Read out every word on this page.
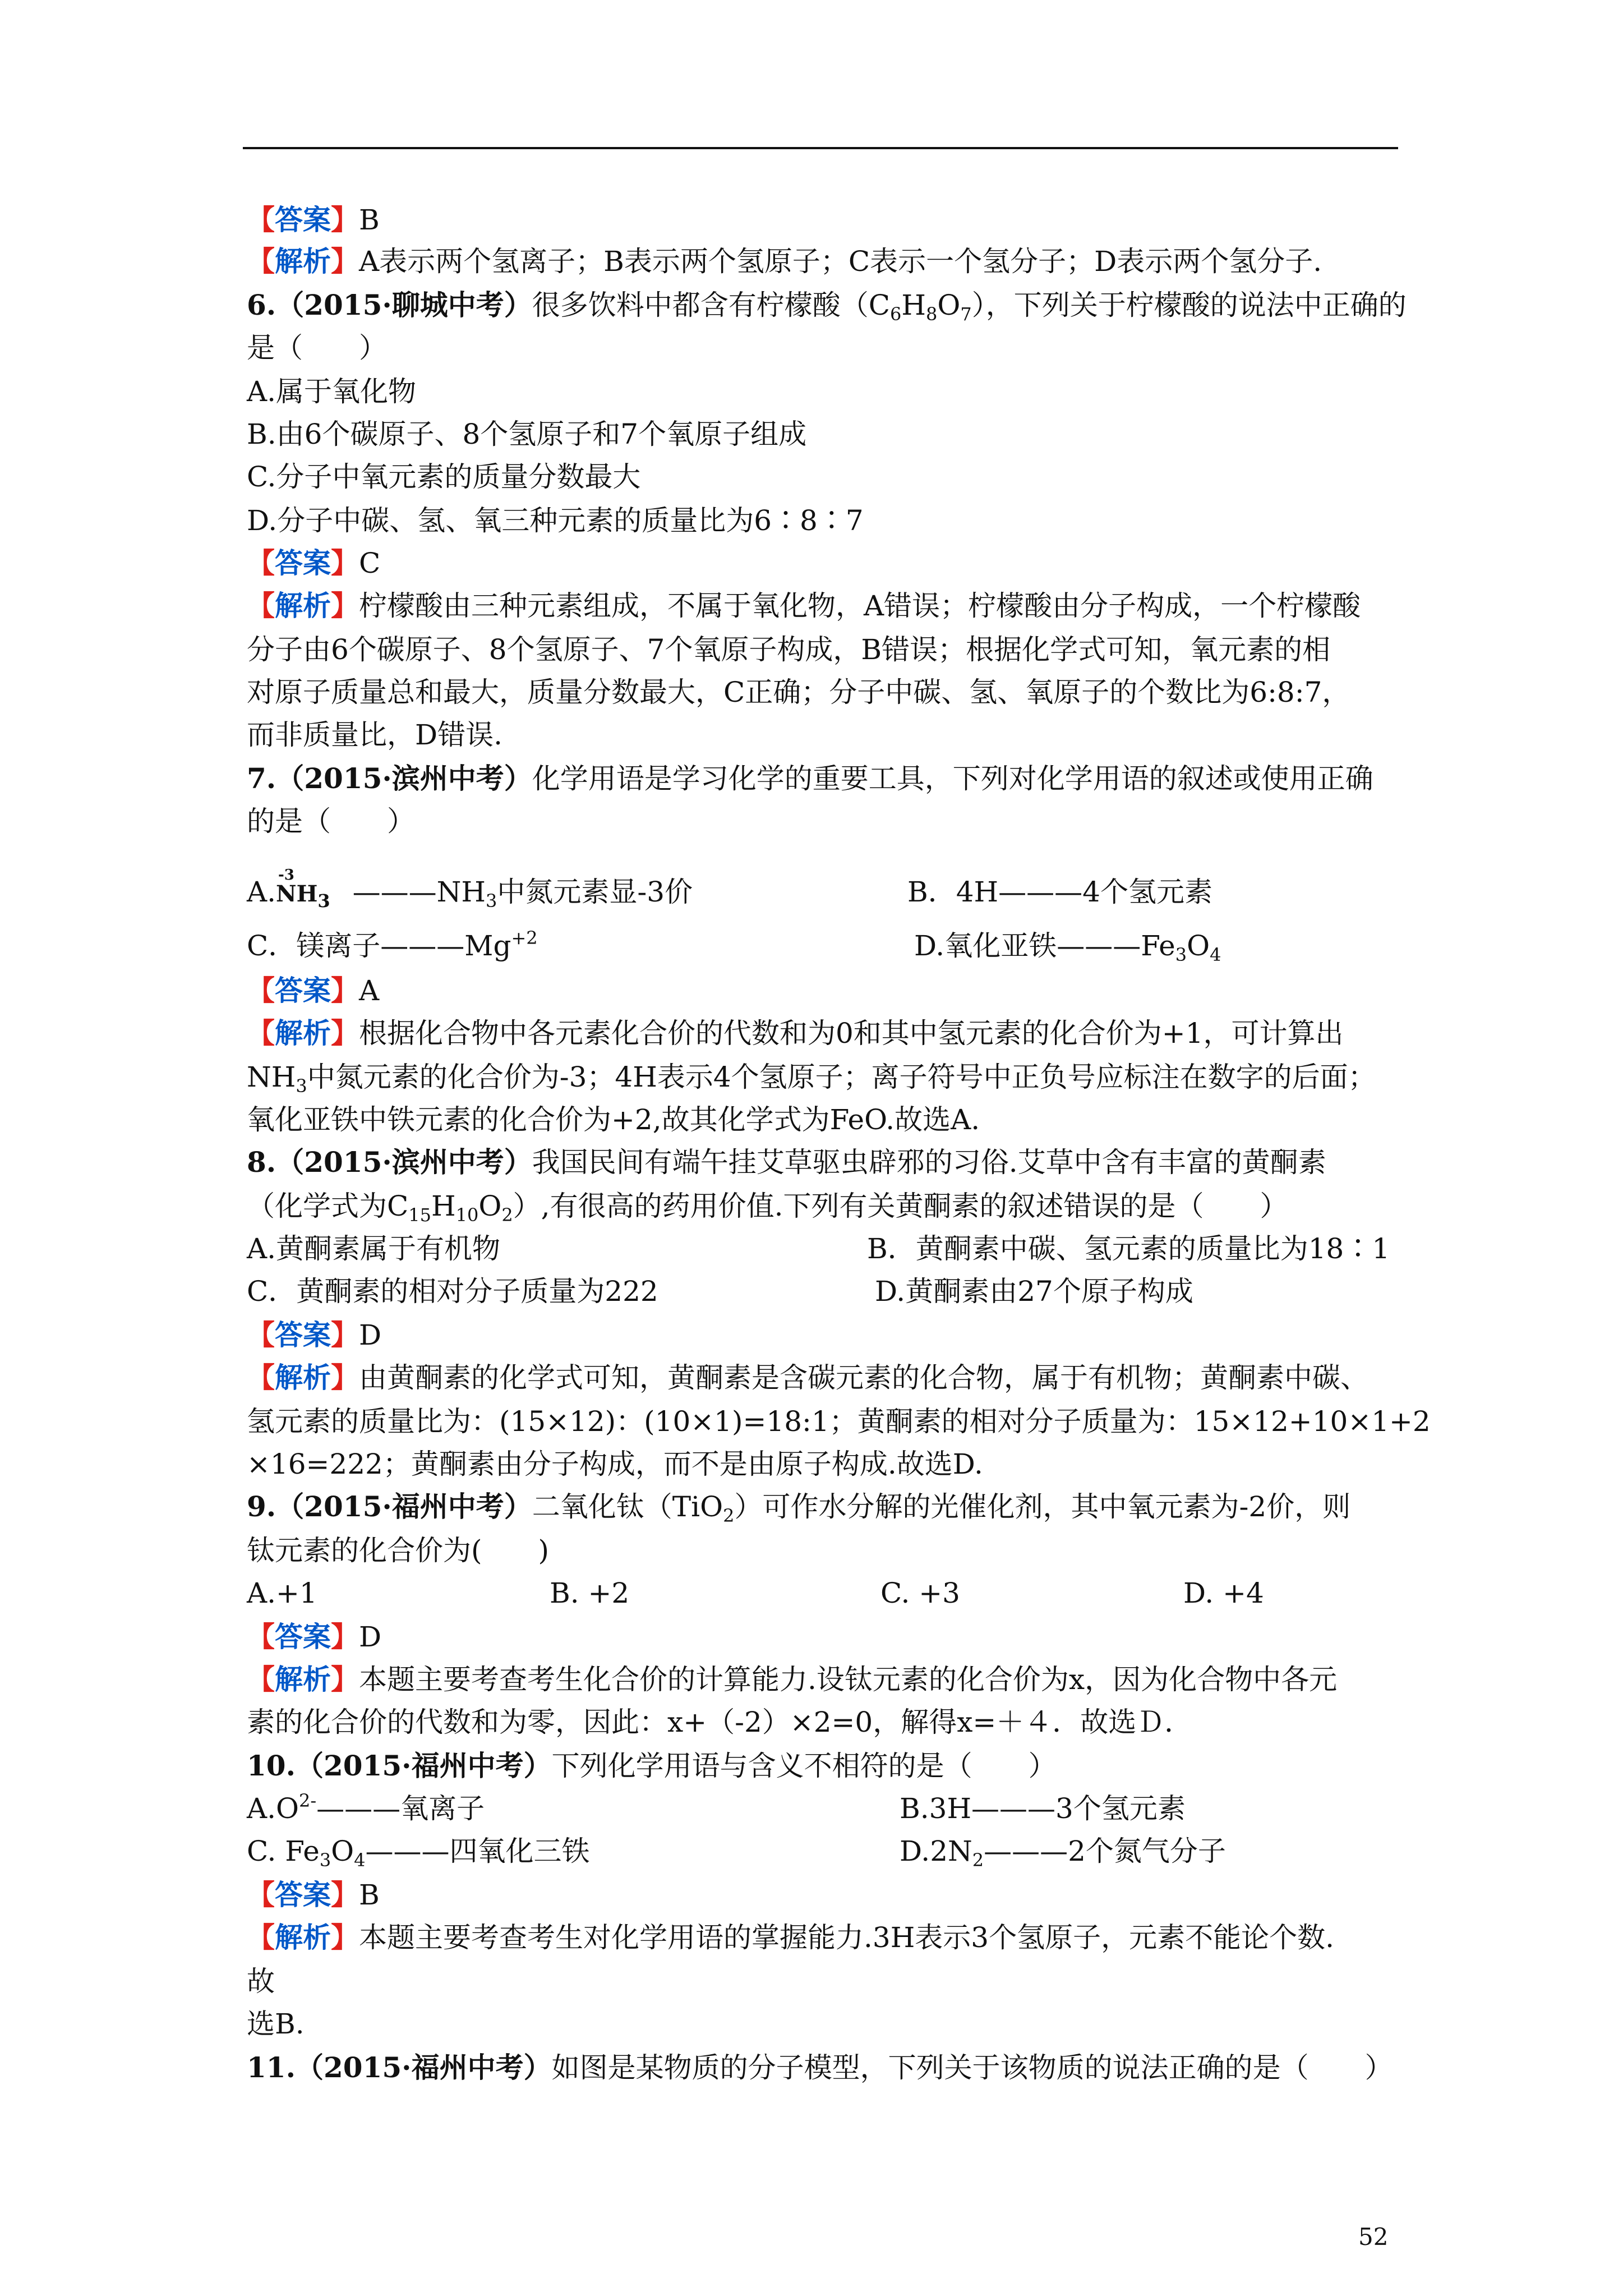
【答案】B
【解析】A表示两个氢离子；B表示两个氢原子；C表示一个氢分子；D表示两个氢分子.
6.（2015·聊城中考）很多饮料中都含有柠檬酸$(C_6H_8O_7)$，下列关于柠檬酸的说法中正确的
是（　　）
A.属于氧化物
B.由6个碳原子、8个氢原子和7个氧原子组成
C.分子中氧元素的质量分数最大
D.分子中碳、氢、氧三种元素的质量比为6∶8∶7
【答案】C
【解析】柠檬酸由三种元素组成，不属于氧化物，A错误；柠檬酸由分子构成，一个柠檬酸
分子由6个碳原子、8个氢原子、7个氧原子构成，B错误；根据化学式可知，氧元素的相
对原子质量总和最大，质量分数最大，C正确；分子中碳、氢、氧原子的个数比为6:8:7，
而非质量比，D错误.
7.（2015·滨州中考）化学用语是学习化学的重要工具，下列对化学用语的叙述或使用正确
的是（　　）
A.
-3
$NH_3$ $———NH_3$中氮元素显-3价	B．4H———4个氢元素
C．镁离子$———Mg^{+2}$	D.氧化亚铁$———Fe_3O_4$
【答案】A
【解析】根据化合物中各元素化合价的代数和为0和其中氢元素的化合价为+1，可计算出
$NH_3$中氮元素的化合价为-3；4H表示4个氢原子；离子符号中正负号应标注在数字的后面；
氧化亚铁中铁元素的化合价为+2,故其化学式为FeO.故选A.
8.（2015·滨州中考）我国民间有端午挂艾草驱虫辟邪的习俗.艾草中含有丰富的黄酮素
（化学式为$C_{15}H_{10}O_2$）,有很高的药用价值.下列有关黄酮素的叙述错误的是（　　）
A.黄酮素属于有机物	B．黄酮素中碳、氢元素的质量比为18∶1
C．黄酮素的相对分子质量为222	D.黄酮素由27个原子构成
【答案】D
【解析】由黄酮素的化学式可知，黄酮素是含碳元素的化合物，属于有机物；黄酮素中碳、
氢元素的质量比为：(15×12)：(10×1)=18:1；黄酮素的相对分子质量为：15×12+10×1+2
×16=222；黄酮素由分子构成，而不是由原子构成.故选D.
9.（2015·福州中考）二氧化钛（TiO$_2$）可作水分解的光催化剂，其中氧元素为-2价，则
钛元素的化合价为(　　)
A.+1	B. +2	C. +3	D. +4
【答案】D
【解析】本题主要考查考生化合价的计算能力.设钛元素的化合价为x，因为化合物中各元
素的化合价的代数和为零，因此：x+（-2）×2=0，解得x=＋４．故选Ｄ．
10.（2015·福州中考）下列化学用语与含义不相符的是（　　）
$A.O^{2-}———$氧离子	B.3H———3个氢元素
C. $Fe_3O_4———$四氧化三铁	$D.2N_2———2$个氮气分子
【答案】B
【解析】本题主要考查考生对化学用语的掌握能力.3H表示3个氢原子，元素不能论个数.
故
选B.
11.（2015·福州中考）如图是某物质的分子模型，下列关于该物质的说法正确的是（　　）
52
